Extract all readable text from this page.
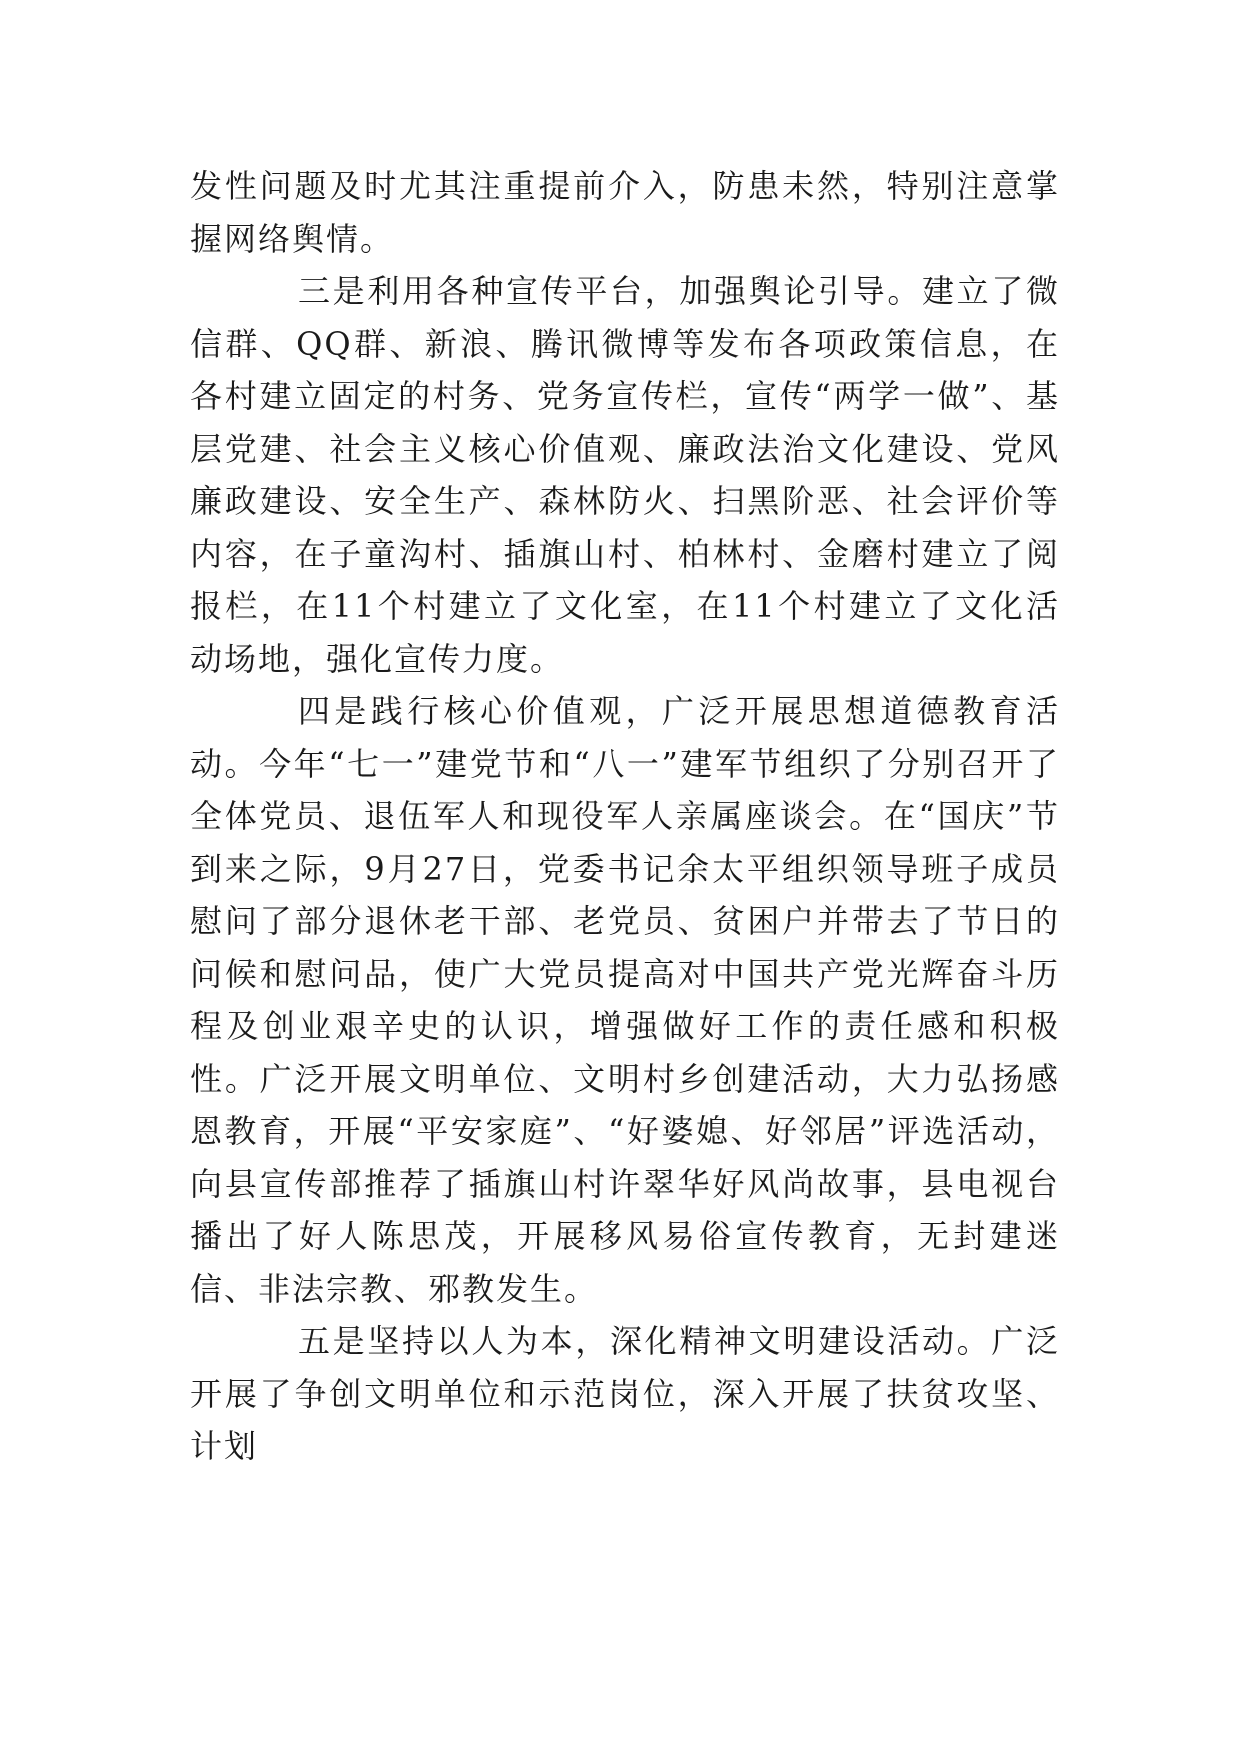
发性问题及时尤其注重提前介入，防患未然，特别注意掌握网络舆情。

三是利用各种宣传平台，加强舆论引导。建立了微信群、QQ群、新浪、腾讯微博等发布各项政策信息，在各村建立固定的村务、党务宣传栏，宣传“两学一做”、基层党建、社会主义核心价值观、廉政法治文化建设、党风廉政建设、安全生产、森林防火、扫黑阶恶、社会评价等内容，在子童沟村、插旗山村、柏林村、金磨村建立了阅报栏，在11个村建立了文化室，在11个村建立了文化活动场地，强化宣传力度。

四是践行核心价值观，广泛开展思想道德教育活动。今年“七一”建党节和“八一”建军节组织了分别召开了全体党员、退伍军人和现役军人亲属座谈会。在“国庆”节到来之际，9月27日，党委书记余太平组织领导班子成员慰问了部分退休老干部、老党员、贫困户并带去了节日的问候和慰问品，使广大党员提高对中国共产党光辉奋斗历程及创业艰辛史的认识，增强做好工作的责任感和积极性。广泛开展文明单位、文明村乡创建活动，大力弘扬感恩教育，开展“平安家庭”、“好婆媳、好邻居”评选活动，向县宣传部推荐了插旗山村许翠华好风尚故事，县电视台播出了好人陈思茂，开展移风易俗宣传教育，无封建迷信、非法宗教、邪教发生。

五是坚持以人为本，深化精神文明建设活动。广泛开展了争创文明单位和示范岗位，深入开展了扶贫攻坚、计划
